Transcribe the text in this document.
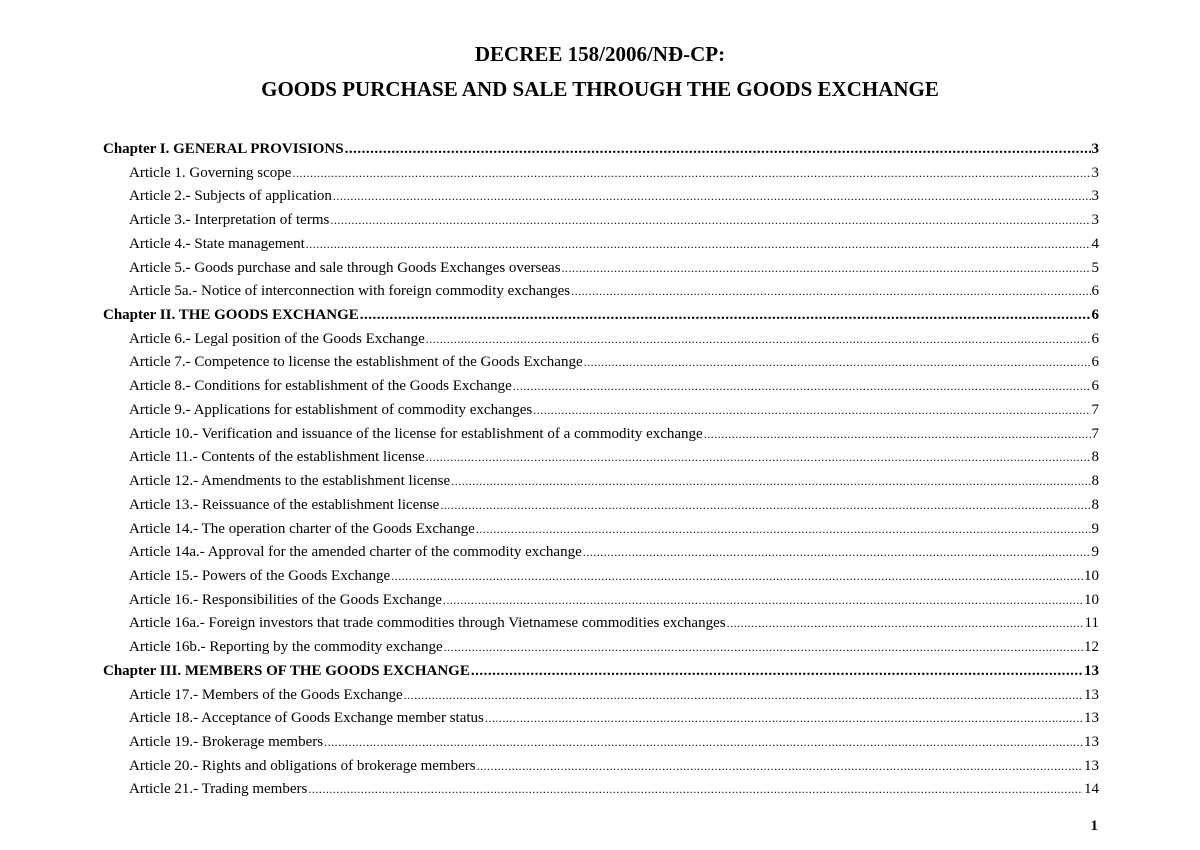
DECREE 158/2006/NĐ-CP:
GOODS PURCHASE AND SALE THROUGH THE GOODS EXCHANGE
Chapter I. GENERAL PROVISIONS .....	3
Article 1. Governing scope .....	3
Article 2.- Subjects of application .....	3
Article 3.- Interpretation of terms .....	3
Article 4.- State management .....	4
Article 5.- Goods purchase and sale through Goods Exchanges overseas .....	5
Article 5a.- Notice of interconnection with foreign commodity exchanges .....	6
Chapter II. THE GOODS EXCHANGE .....	6
Article 6.- Legal position of the Goods Exchange .....	6
Article 7.- Competence to license the establishment of the Goods Exchange .....	6
Article 8.- Conditions for establishment of the Goods Exchange .....	6
Article 9.- Applications for establishment of commodity exchanges .....	7
Article 10.- Verification and issuance of the license for establishment of a commodity exchange .....	7
Article 11.- Contents of the establishment license .....	8
Article 12.- Amendments to the establishment license .....	8
Article 13.- Reissuance of the establishment license .....	8
Article 14.- The operation charter of the Goods Exchange .....	9
Article 14a.- Approval for the amended charter of the commodity exchange .....	9
Article 15.- Powers of the Goods Exchange .....	10
Article 16.- Responsibilities of the Goods Exchange .....	10
Article 16a.- Foreign investors that trade commodities through Vietnamese commodities exchanges .....	11
Article 16b.- Reporting by the commodity exchange .....	12
Chapter III. MEMBERS OF THE GOODS EXCHANGE .....	13
Article 17.- Members of the Goods Exchange .....	13
Article 18.- Acceptance of Goods Exchange member status .....	13
Article 19.- Brokerage members .....	13
Article 20.- Rights and obligations of brokerage members .....	13
Article 21.- Trading members .....	14
1
